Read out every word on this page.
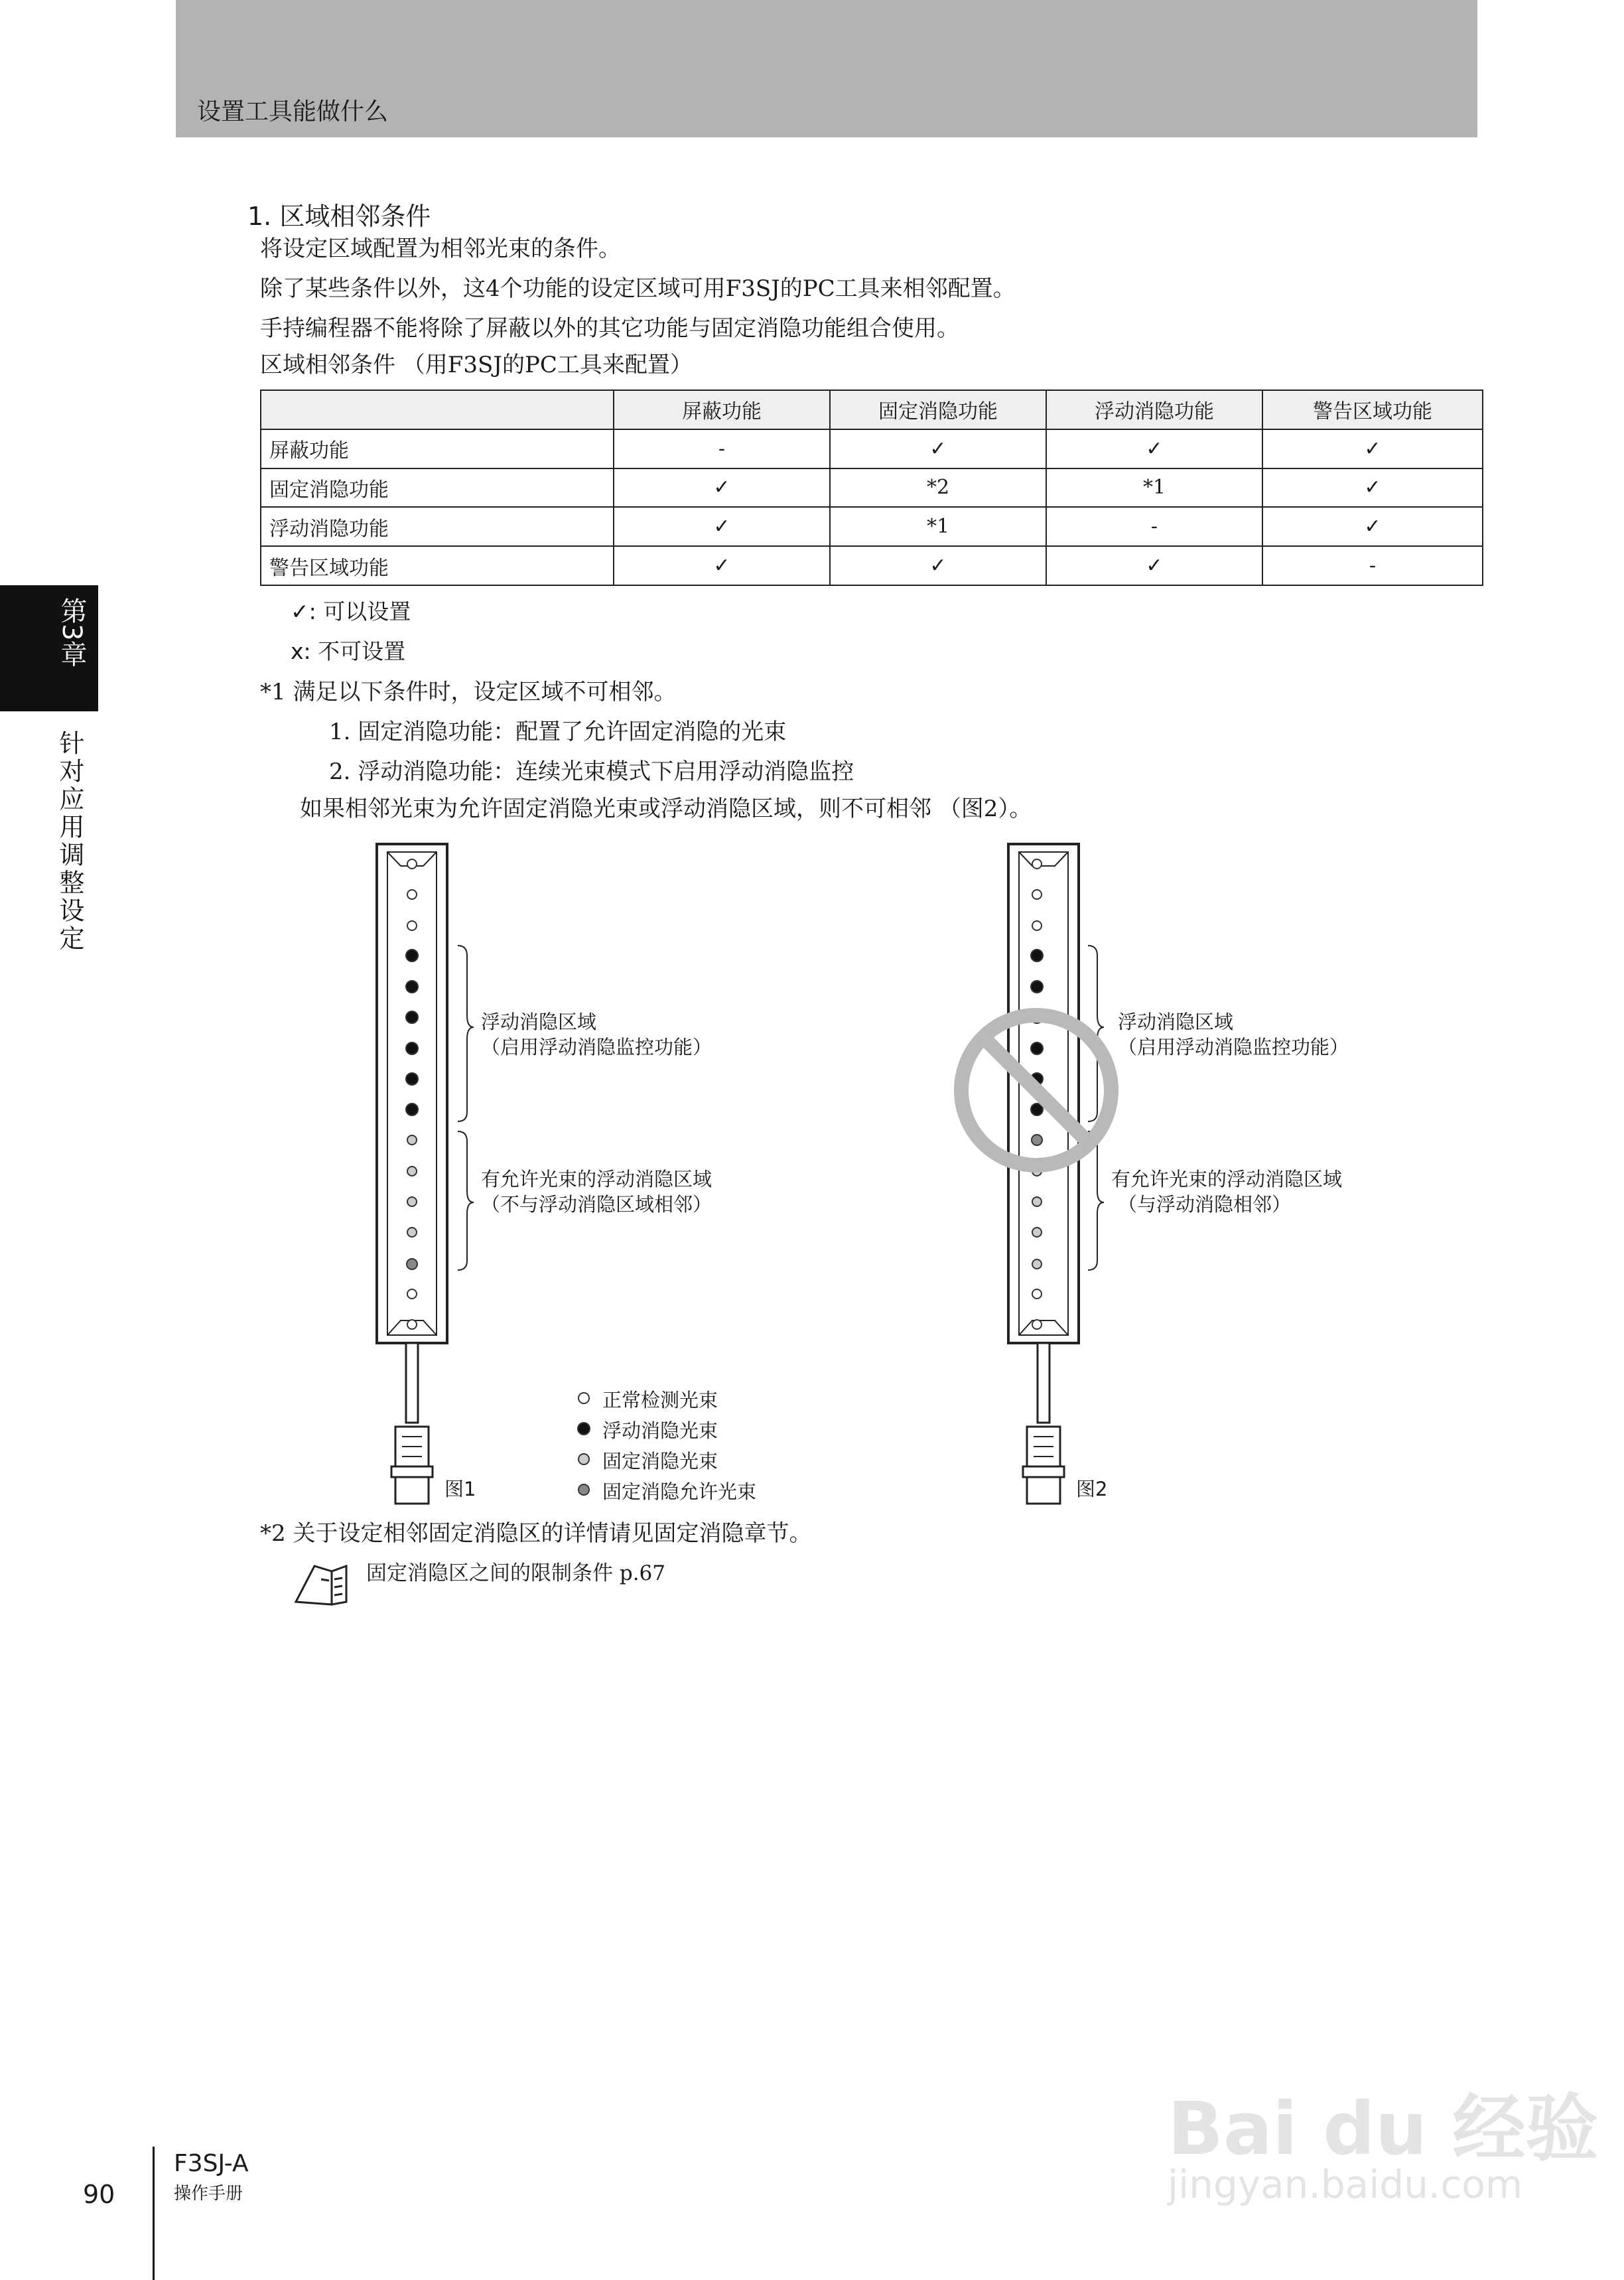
设置工具能做什么
第3章
针对应用调整设定
1. 区域相邻条件
将设定区域配置为相邻光束的条件。
除了某些条件以外，这4个功能的设定区域可用F3SJ的PC工具来相邻配置。
手持编程器不能将除了屏蔽以外的其它功能与固定消隐功能组合使用。
区域相邻条件 （用F3SJ的PC工具来配置）
	屏蔽功能	固定消隐功能	浮动消隐功能	警告区域功能
屏蔽功能	-	✓	✓	✓
固定消隐功能	✓	*2	*1	✓
浮动消隐功能	✓	*1	-	✓
警告区域功能	✓	✓	✓	-
✓: 可以设置
x: 不可设置
*1 满足以下条件时，设定区域不可相邻。
1. 固定消隐功能：配置了允许固定消隐的光束
2. 浮动消隐功能：连续光束模式下启用浮动消隐监控
如果相邻光束为允许固定消隐光束或浮动消隐区域，则不可相邻 （图2）。
浮动消隐区域
（启用浮动消隐监控功能）
有允许光束的浮动消隐区域
（不与浮动消隐区域相邻）
图1
浮动消隐区域
（启用浮动消隐监控功能）
有允许光束的浮动消隐区域
（与浮动消隐相邻）
图2
正常检测光束
浮动消隐光束
固定消隐光束
固定消隐允许光束
*2 关于设定相邻固定消隐区的详情请见固定消隐章节。
固定消隐区之间的限制条件 p.67
Bai du 经验
jingyan.baidu.com
90
F3SJ-A
操作手册
